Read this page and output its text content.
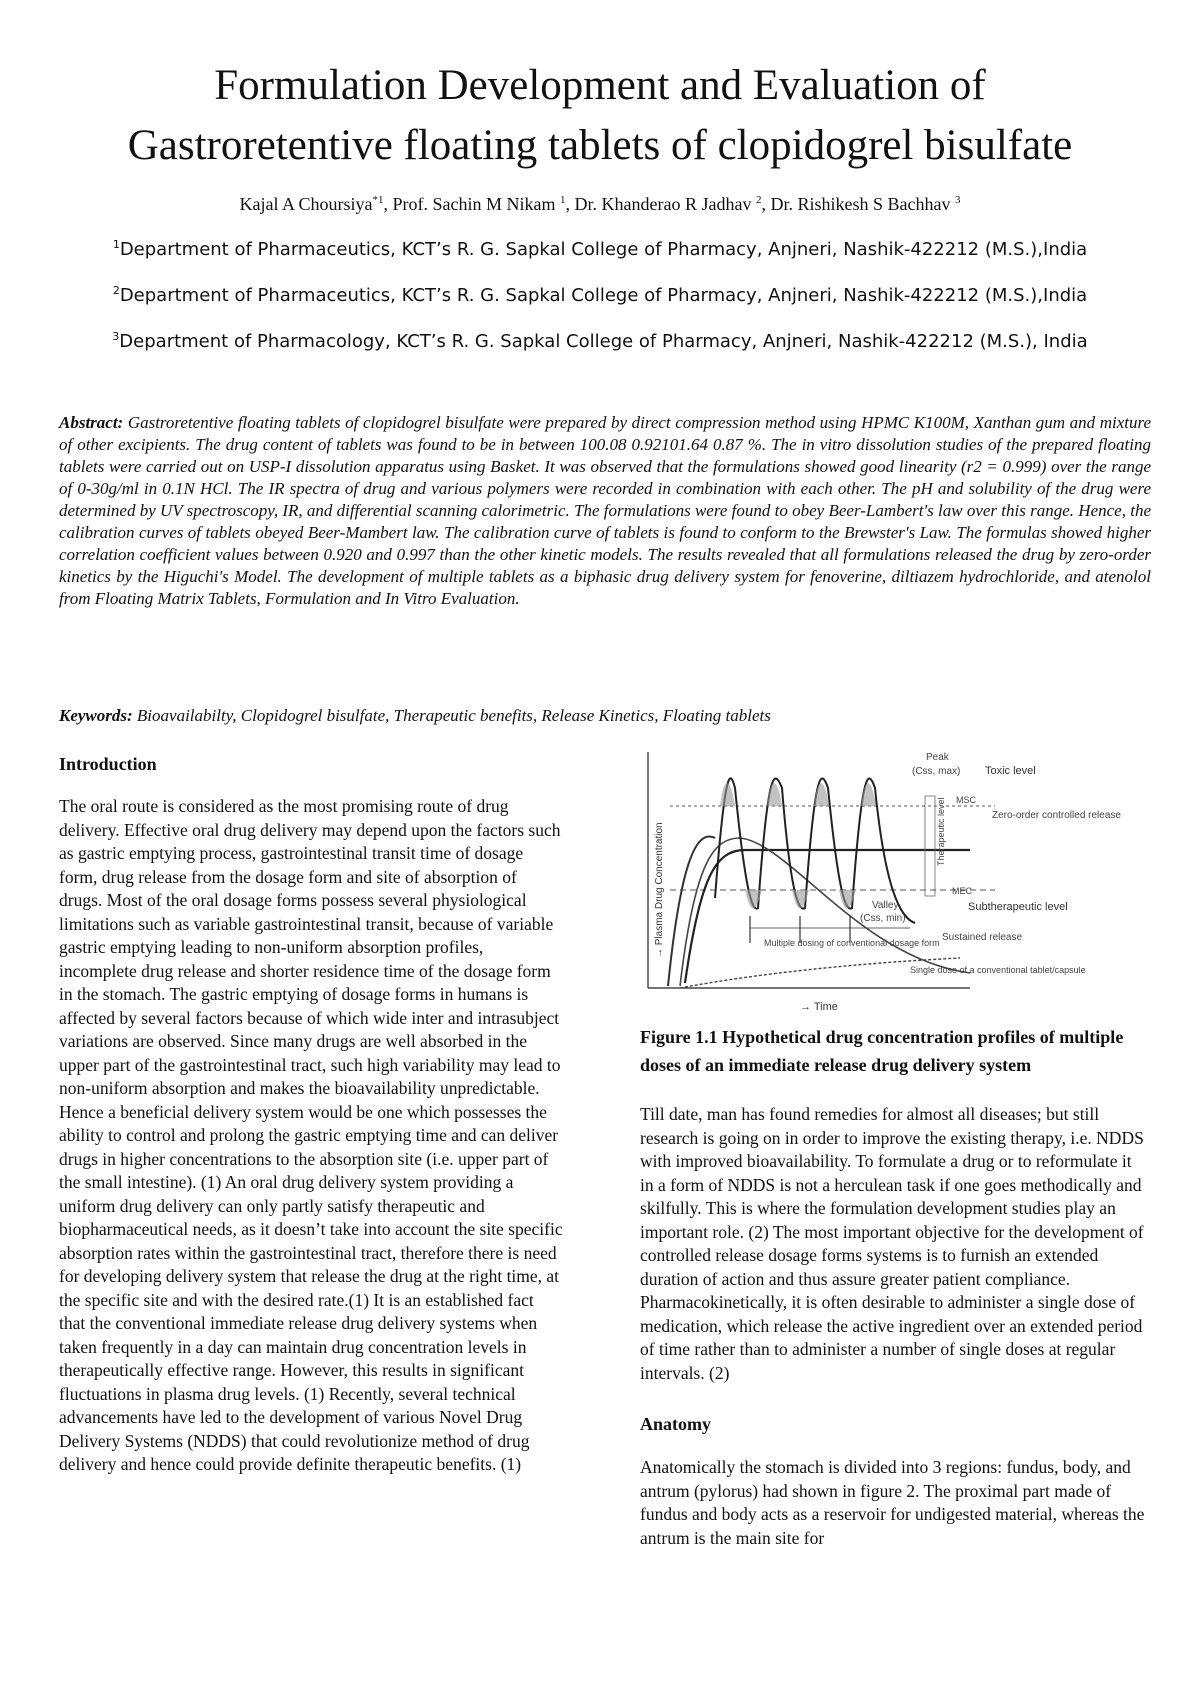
Formulation Development and Evaluation of
Gastroretentive floating tablets of clopidogrel bisulfate
Kajal A Choursiya$^{*1}$, Prof. Sachin M Nikam $^1$, Dr. Khanderao R Jadhav $^2$, Dr. Rishikesh S Bachhav $^3$
$^1$Department of Pharmaceutics, KCT’s R. G. Sapkal College of Pharmacy, Anjneri, Nashik-422212 (M.S.),India
$^2$Department of Pharmaceutics, KCT’s R. G. Sapkal College of Pharmacy, Anjneri, Nashik-422212 (M.S.),India
$^3$Department of Pharmacology, KCT’s R. G. Sapkal College of Pharmacy, Anjneri, Nashik-422212 (M.S.), India
Abstract: Gastroretentive floating tablets of clopidogrel bisulfate were prepared by direct compression method using HPMC K100M, Xanthan gum and mixture of other excipients. The drug content of tablets was found to be in between 100.08 0.92101.64 0.87 %. The in vitro dissolution studies of the prepared floating tablets were carried out on USP-I dissolution apparatus using Basket. It was observed that the formulations showed good linearity (r2 = 0.999) over the range of 0-30g/ml in 0.1N HCl. The IR spectra of drug and various polymers were recorded in combination with each other. The pH and solubility of the drug were determined by UV spectroscopy, IR, and differential scanning calorimetric. The formulations were found to obey Beer-Lambert's law over this range. Hence, the calibration curves of tablets obeyed Beer-Mambert law. The calibration curve of tablets is found to conform to the Brewster's Law. The formulas showed higher correlation coefficient values between 0.920 and 0.997 than the other kinetic models. The results revealed that all formulations released the drug by zero-order kinetics by the Higuchi's Model. The development of multiple tablets as a biphasic drug delivery system for fenoverine, diltiazem hydrochloride, and atenolol from Floating Matrix Tablets, Formulation and In Vitro Evaluation.
Keywords: Bioavailabilty, Clopidogrel bisulfate, Therapeutic benefits, Release Kinetics, Floating tablets
Introduction
The oral route is considered as the most promising route of drug delivery. Effective oral drug delivery may depend upon the factors such as gastric emptying process, gastrointestinal transit time of dosage form, drug release from the dosage form and site of absorption of drugs. Most of the oral dosage forms possess several physiological limitations such as variable gastrointestinal transit, because of variable gastric emptying leading to non-uniform absorption profiles, incomplete drug release and shorter residence time of the dosage form in the stomach. The gastric emptying of dosage forms in humans is affected by several factors because of which wide inter and intrasubject variations are observed. Since many drugs are well absorbed in the upper part of the gastrointestinal tract, such high variability may lead to non-uniform absorption and makes the bioavailability unpredictable. Hence a beneficial delivery system would be one which possesses the ability to control and prolong the gastric emptying time and can deliver drugs in higher concentrations to the absorption site (i.e. upper part of the small intestine). (1) An oral drug delivery system providing a uniform drug delivery can only partly satisfy therapeutic and biopharmaceutical needs, as it doesn’t take into account the site specific absorption rates within the gastrointestinal tract, therefore there is need for developing delivery system that release the drug at the right time, at the specific site and with the desired rate.(1) It is an established fact that the conventional immediate release drug delivery systems when taken frequently in a day can maintain drug concentration levels in therapeutically effective range. However, this results in significant fluctuations in plasma drug levels. (1) Recently, several technical advancements have led to the development of various Novel Drug Delivery Systems (NDDS) that could revolutionize method of drug delivery and hence could provide definite therapeutic benefits. (1)
→ Plasma Drug Concentration
→ Time
Therapeutic level
Peak
(Css, max) Toxic level
MSC
Zero-order controlled release
MEC
Valley
(Css, min)
Subtherapeutic level
Multiple dosing of conventional dosage form Sustained release
Single dose of a conventional tablet/capsule
Figure 1.1 Hypothetical drug concentration profiles of multiple doses of an immediate release drug delivery system
Till date, man has found remedies for almost all diseases; but still research is going on in order to improve the existing therapy, i.e. NDDS with improved bioavailability. To formulate a drug or to reformulate it in a form of NDDS is not a herculean task if one goes methodically and skilfully. This is where the formulation development studies play an important role. (2) The most important objective for the development of controlled release dosage forms systems is to furnish an extended duration of action and thus assure greater patient compliance. Pharmacokinetically, it is often desirable to administer a single dose of medication, which release the active ingredient over an extended period of time rather than to administer a number of single doses at regular intervals. (2)
Anatomy
Anatomically the stomach is divided into 3 regions: fundus, body, and antrum (pylorus) had shown in figure 2. The proximal part made of fundus and body acts as a reservoir for undigested material, whereas the antrum is the main site for
